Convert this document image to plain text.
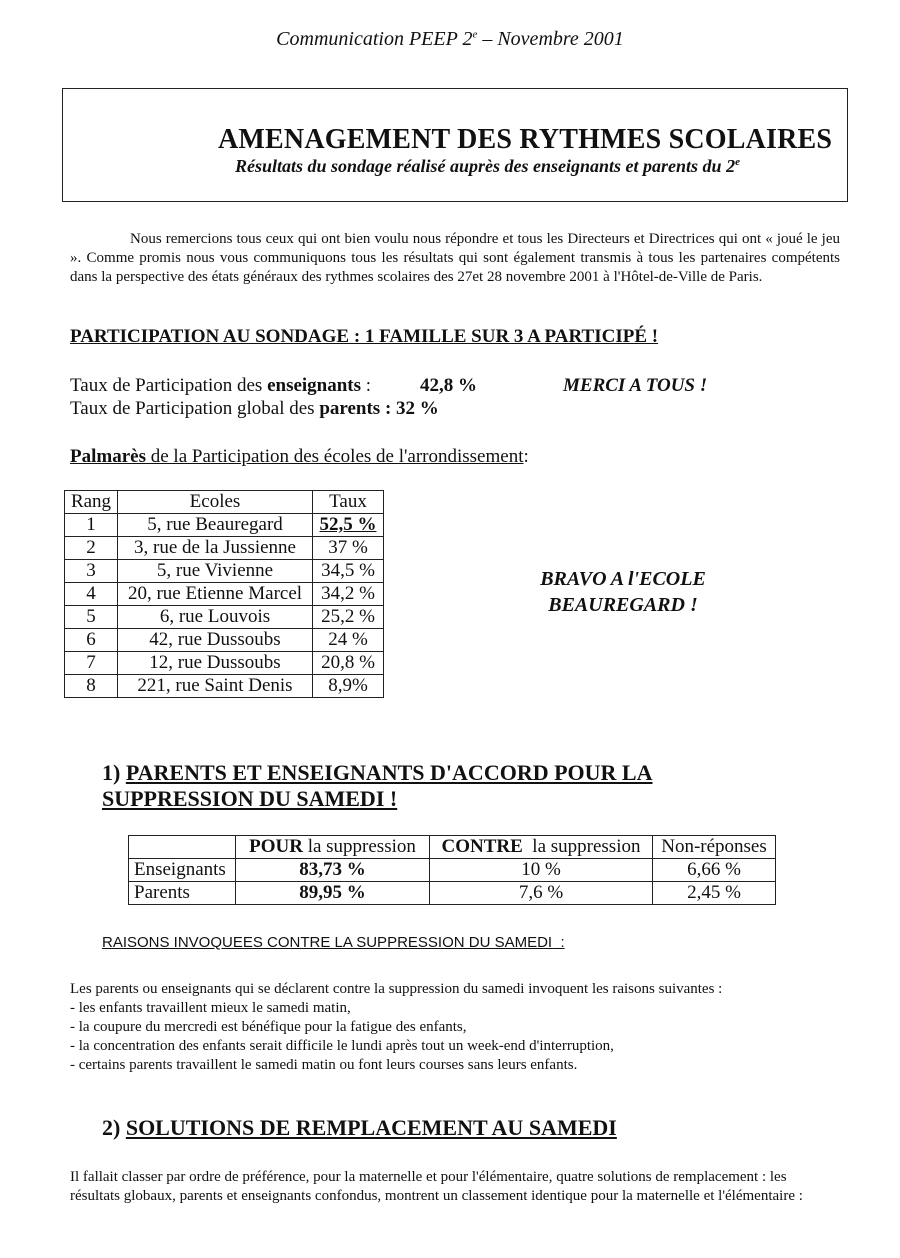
Communication PEEP 2e – Novembre 2001
AMENAGEMENT DES RYTHMES SCOLAIRES
Résultats du sondage réalisé auprès des enseignants et parents du 2e

Nous remercions tous ceux qui ont bien voulu nous répondre et tous les Directeurs et Directrices qui ont « joué le jeu ». Comme promis nous vous communiquons tous les résultats qui sont également transmis à tous les partenaires compétents dans la perspective des états généraux des rythmes scolaires des 27et 28 novembre 2001 à l'Hôtel-de-Ville de Paris.

PARTICIPATION AU SONDAGE : 1 FAMILLE SUR 3 A PARTICIPÉ !
Taux de Participation des enseignants :	42,8 %
Taux de Participation global des parents : 32 %
MERCI A TOUS !
Palmarès de la Participation des écoles de l'arrondissement:
Rang	Ecoles	Taux
1	5, rue Beauregard	52,5 %
2	3, rue de la Jussienne	37 %
3	5, rue Vivienne	34,5 %
4	20, rue Etienne Marcel	34,2 %
5	6, rue Louvois	25,2 %
6	42, rue Dussoubs	24 %
7	12, rue Dussoubs	20,8 %
8	221, rue Saint Denis	8,9%
BRAVO A l'ECOLE
BEAUREGARD !
1) PARENTS ET ENSEIGNANTS D'ACCORD POUR LA
SUPPRESSION DU SAMEDI !
	POUR la suppression	CONTRE  la suppression	Non-réponses
Enseignants	83,73 %	10 %	6,66 %
Parents	89,95 %	7,6 %	2,45 %
RAISONS INVOQUEES CONTRE LA SUPPRESSION DU SAMEDI  :
Les parents ou enseignants qui se déclarent contre la suppression du samedi invoquent les raisons suivantes :
- les enfants travaillent mieux le samedi matin,
- la coupure du mercredi est bénéfique pour la fatigue des enfants,
- la concentration des enfants serait difficile le lundi après tout un week-end d'interruption,
- certains parents travaillent le samedi matin ou font leurs courses sans leurs enfants.
2) SOLUTIONS DE REMPLACEMENT AU SAMEDI
Il fallait classer par ordre de préférence, pour la maternelle et pour l'élémentaire, quatre solutions de remplacement : les résultats globaux, parents et enseignants confondus, montrent un classement identique pour la maternelle et l'élémentaire :
